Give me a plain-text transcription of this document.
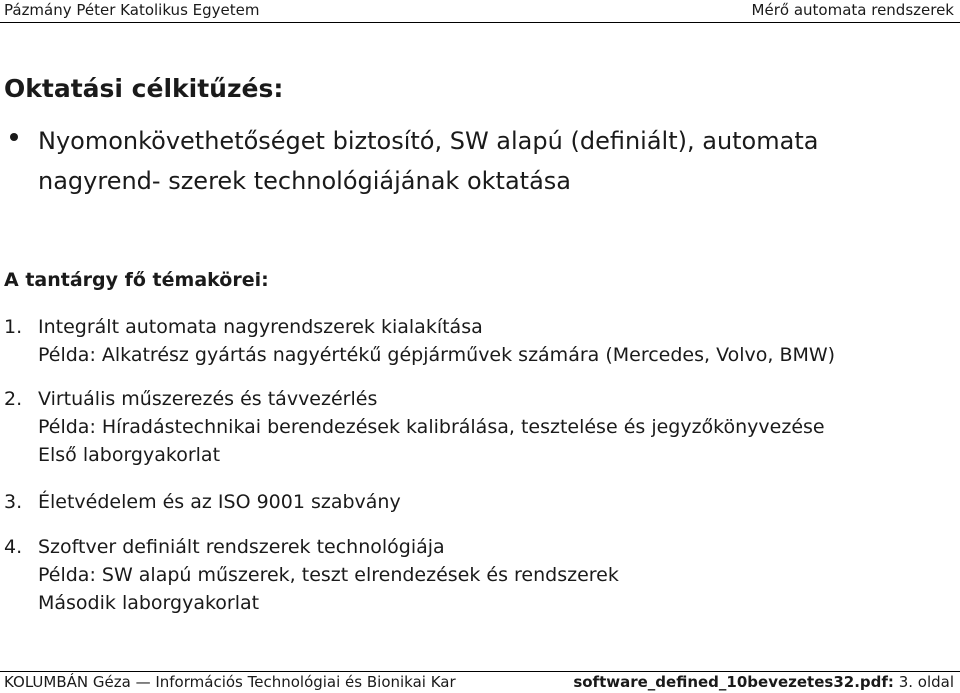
Pázmány Péter Katolikus Egyetem	Mérő automata rendszerek
Oktatási célkitűzés:
Nyomonkövethetőséget biztosító, SW alapú (definiált), automata nagyrend- szerek technológiájának oktatása
A tantárgy fő témakörei:
1. Integrált automata nagyrendszerek kialakítása
Példa: Alkatrész gyártás nagyértékű gépjárművek számára (Mercedes, Volvo, BMW)
2. Virtuális műszerezés és távvezérlés
Példa: Híradástechnikai berendezések kalibrálása, tesztelése és jegyzőkönyvezése
Első laborgyakorlat
3. Életvédelem és az ISO 9001 szabvány
4. Szoftver definiált rendszerek technológiája
Példa: SW alapú műszerek, teszt elrendezések és rendszerek
Második laborgyakorlat
KOLUMBÁN Géza — Információs Technológiai és Bionikai Kar	software_defined_10bevezetes32.pdf: 3. oldal
